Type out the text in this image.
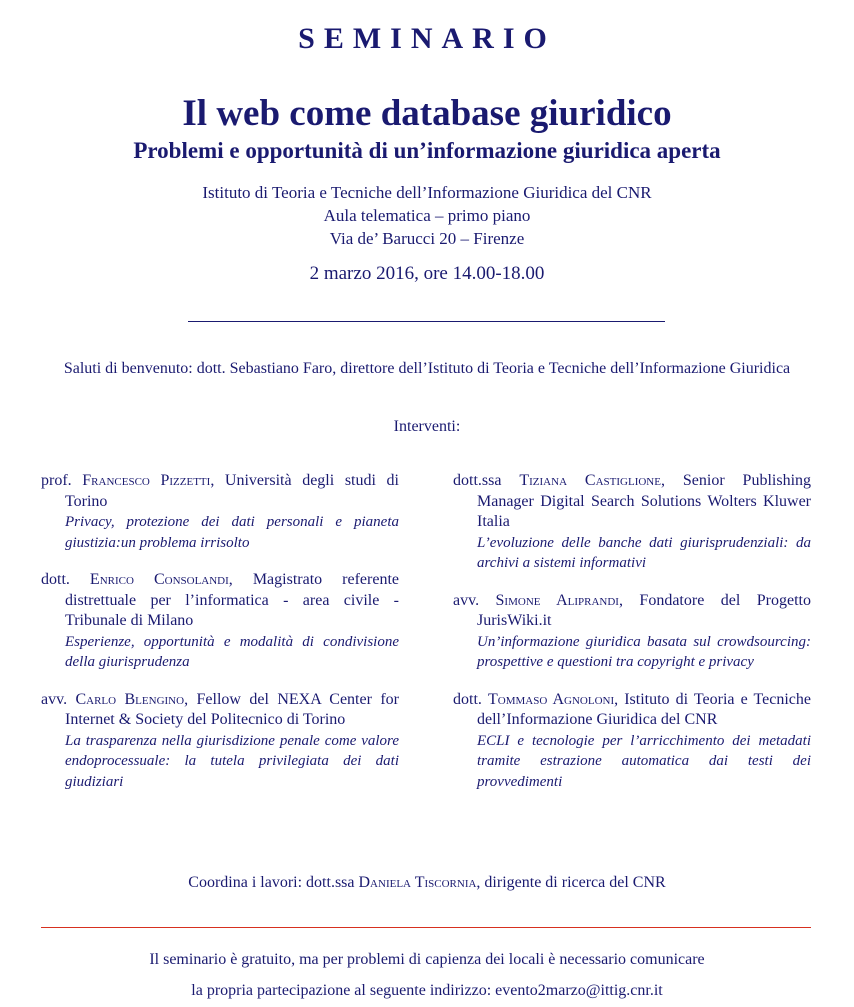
SEMINARIO
Il web come database giuridico
Problemi e opportunità di un’informazione giuridica aperta
Istituto di Teoria e Tecniche dell’Informazione Giuridica del CNR
Aula telematica – primo piano
Via de’ Barucci 20 – Firenze
2 marzo 2016, ore 14.00-18.00
Saluti di benvenuto: dott. Sebastiano Faro, direttore dell’Istituto di Teoria e Tecniche dell’Informazione Giuridica
Interventi:
prof. Francesco Pizzetti, Università degli studi di Torino
Privacy, protezione dei dati personali e pianeta giustizia:un problema irrisolto
dott. Enrico Consolandi, Magistrato referente distrettuale per l’informatica - area civile - Tribunale di Milano
Esperienze, opportunità e modalità di condivisione della giurisprudenza
avv. Carlo Blengino, Fellow del NEXA Center for Internet & Society del Politecnico di Torino
La trasparenza nella giurisdizione penale come valore endoprocessuale: la tutela privilegiata dei dati giudiziari
dott.ssa Tiziana Castiglione, Senior Publishing Manager Digital Search Solutions Wolters Kluwer Italia
L’evoluzione delle banche dati giurisprudenziali: da archivi a sistemi informativi
avv. Simone Aliprandi, Fondatore del Progetto JurisWiki.it
Un’informazione giuridica basata sul crowdsourcing: prospettive e questioni tra copyright e privacy
dott. Tommaso Agnoloni, Istituto di Teoria e Tecniche dell’Informazione Giuridica del CNR
ECLI e tecnologie per l’arricchimento dei metadati tramite estrazione automatica dai testi dei provvedimenti
Coordina i lavori: dott.ssa Daniela Tiscornia, dirigente di ricerca del CNR
Il seminario è gratuito, ma per problemi di capienza dei locali è necessario comunicare
la propria partecipazione al seguente indirizzo: evento2marzo@ittig.cnr.it
